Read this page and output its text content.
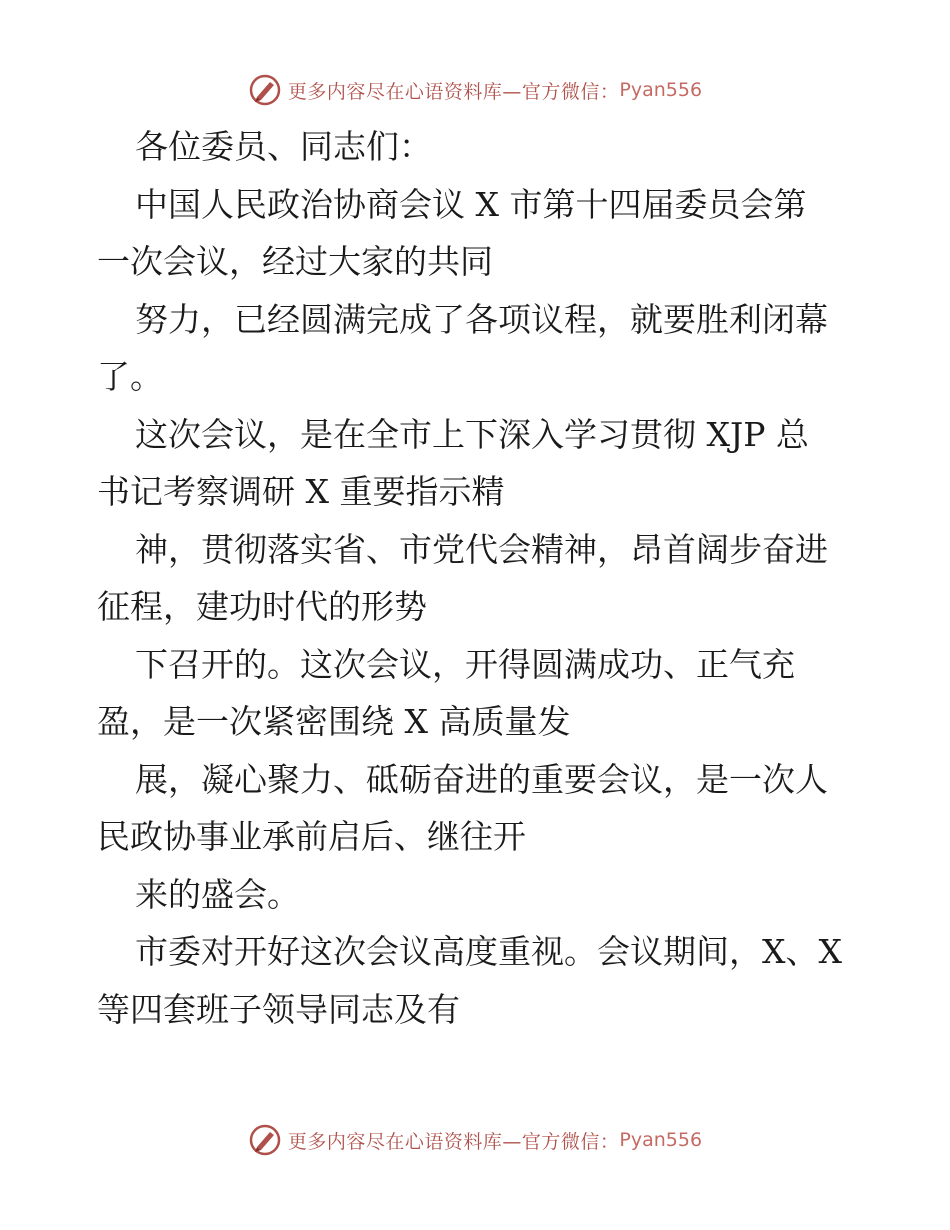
更多内容尽在心语资料库—官方微信： Pyan556

各位委员、同志们：

中国人民政治协商会议 X 市第十四届委员会第
一次会议，经过大家的共同

努力，已经圆满完成了各项议程，就要胜利闭幕
了。

这次会议，是在全市上下深入学习贯彻 XJP 总
书记考察调研 X 重要指示精

神，贯彻落实省、市党代会精神，昂首阔步奋进
征程，建功时代的形势

下召开的。这次会议，开得圆满成功、正气充
盈，是一次紧密围绕 X 高质量发

展，凝心聚力、砥砺奋进的重要会议，是一次人
民政协事业承前启后、继往开

来的盛会。

市委对开好这次会议高度重视。会议期间，X、X
等四套班子领导同志及有

更多内容尽在心语资料库—官方微信： Pyan556
